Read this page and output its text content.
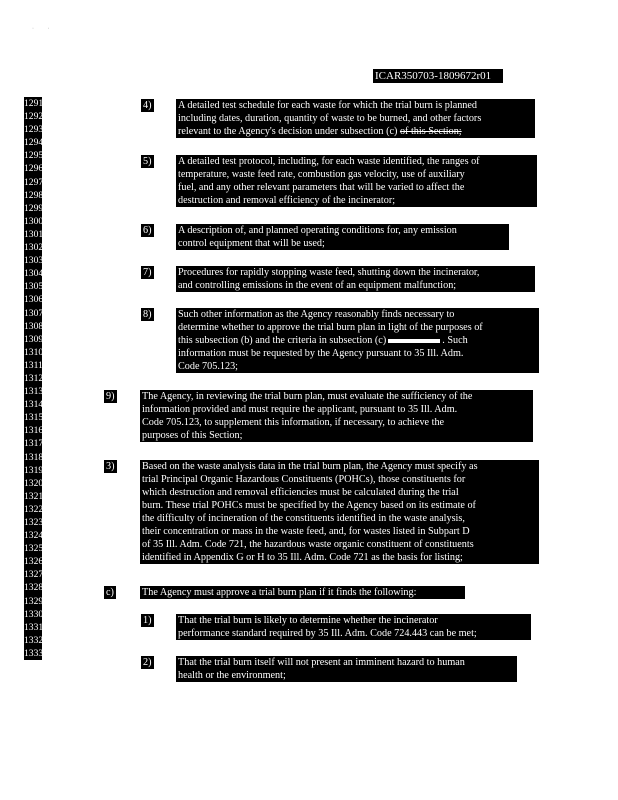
·         ·
ICAR350703-1809672r01
1291
1292
1293
1294
1295
1296
1297
1298
1299
1300
1301
1302
1303
1304
1305
1306
1307
1308
1309
1310
1311
1312
1313
1314
1315
1316
1317
1318
1319
1320
1321
1322
1323
1324
1325
1326
1327
1328
1329
1330
1331
1332
1333
4)	A detailed test schedule for each waste for which the trial burn is planned
including dates, duration, quantity of waste to be burned, and other factors
relevant to the Agency's decision under subsection (c) of this Section;
5)	A detailed test protocol, including, for each waste identified, the ranges of
temperature, waste feed rate, combustion gas velocity, use of auxiliary
fuel, and any other relevant parameters that will be varied to affect the
destruction and removal efficiency of the incinerator;
6)	A description of, and planned operating conditions for, any emission
control equipment that will be used;
7)	Procedures for rapidly stopping waste feed, shutting down the incinerator,
and controlling emissions in the event of an equipment malfunction;
8)	Such other information as the Agency reasonably finds necessary to
determine whether to approve the trial burn plan in light of the purposes of
this subsection (b) and the criteria in subsection (c)	. Such
information must be requested by the Agency pursuant to 35 Ill. Adm.
Code 705.123;
9)	The Agency, in reviewing the trial burn plan, must evaluate the sufficiency of the
information provided and must require the applicant, pursuant to 35 Ill. Adm.
Code 705.123, to supplement this information, if necessary, to achieve the
purposes of this Section;
3)	Based on the waste analysis data in the trial burn plan, the Agency must specify as
trial Principal Organic Hazardous Constituents (POHCs), those constituents for
which destruction and removal efficiencies must be calculated during the trial
burn. These trial POHCs must be specified by the Agency based on its estimate of
the difficulty of incineration of the constituents identified in the waste analysis,
their concentration or mass in the waste feed, and, for wastes listed in Subpart D
of 35 Ill. Adm. Code 721, the hazardous waste organic constituent of constituents
identified in Appendix G or H to 35 Ill. Adm. Code 721 as the basis for listing;
c)	The Agency must approve a trial burn plan if it finds the following:
1)	That the trial burn is likely to determine whether the incinerator
performance standard required by 35 Ill. Adm. Code 724.443 can be met;
2)	That the trial burn itself will not present an imminent hazard to human
health or the environment;
